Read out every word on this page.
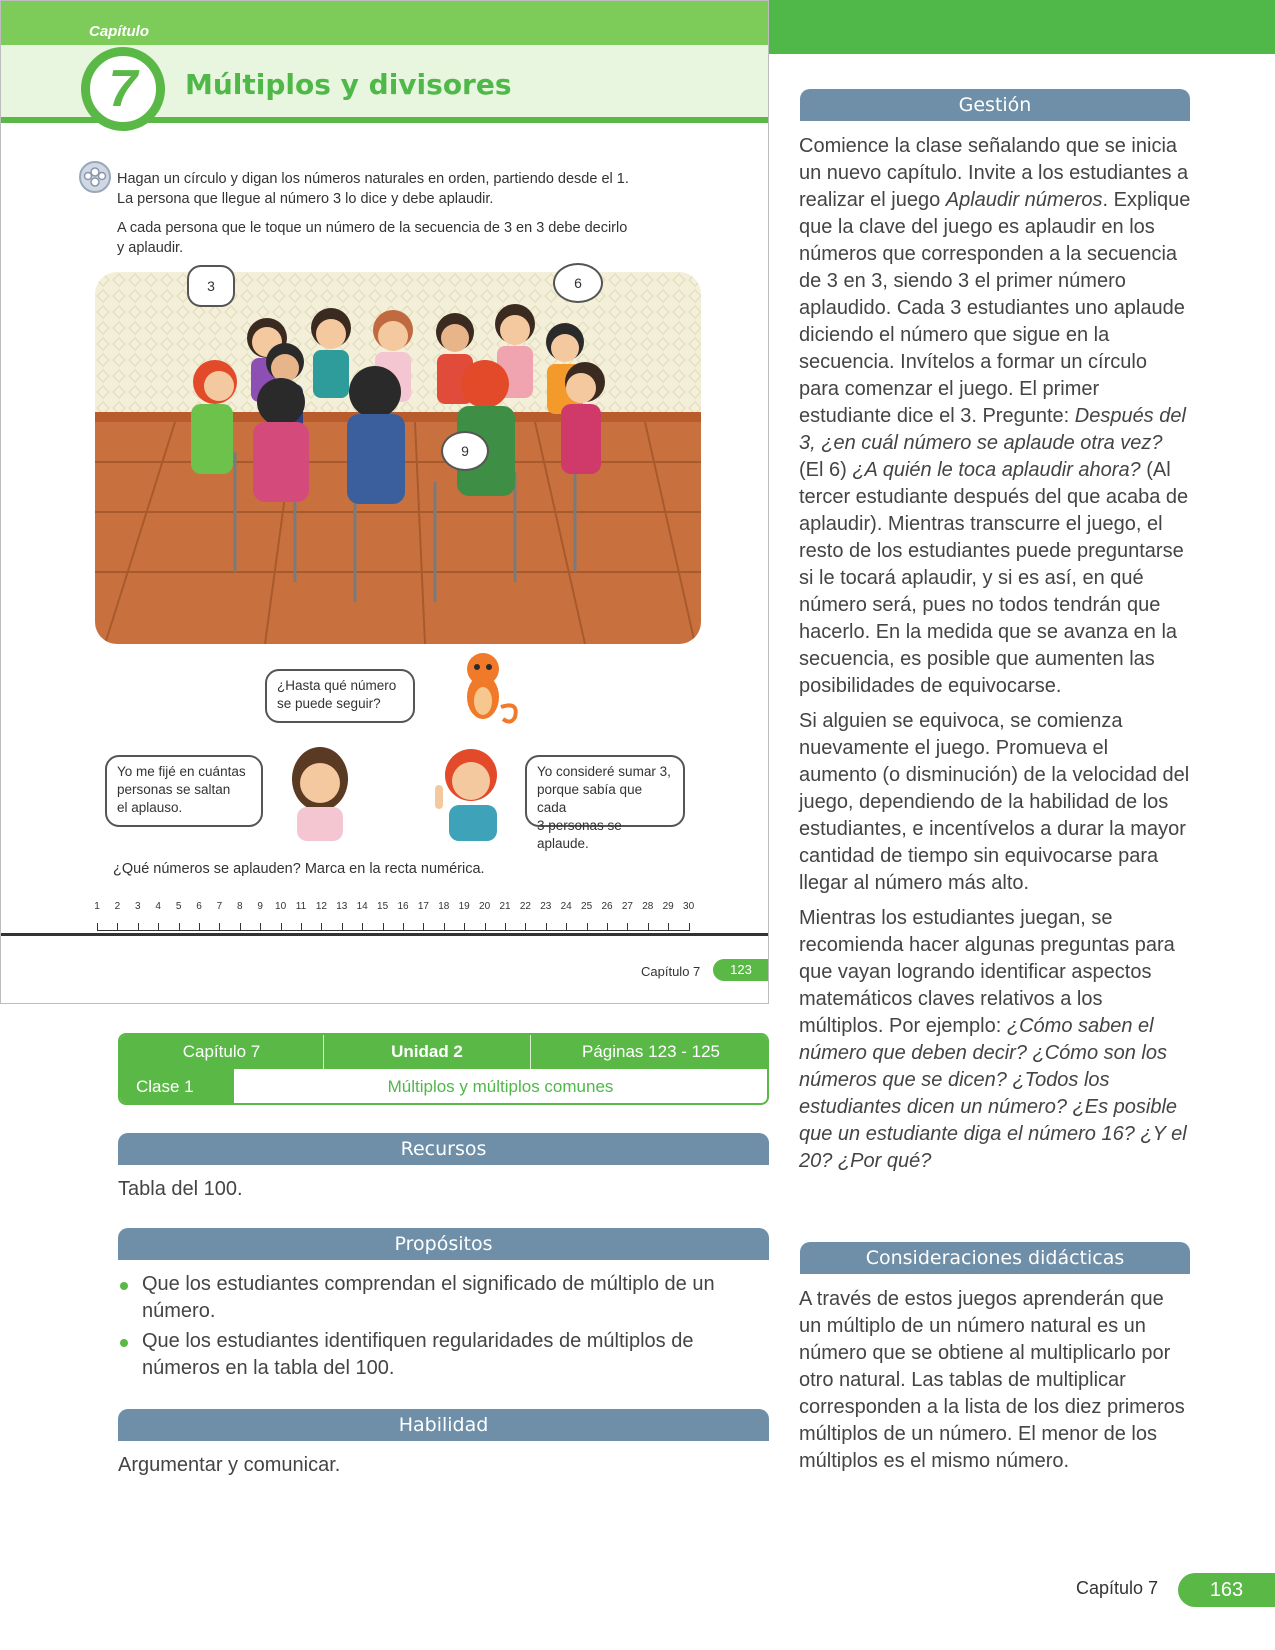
Capítulo
7	Múltiplos y divisores
Hagan un círculo y digan los números naturales en orden, partiendo desde el 1.
La persona que llegue al número 3 lo dice y debe aplaudir.
A cada persona que le toque un número de la secuencia de 3 en 3 debe decirlo
y aplaudir.
3	6
9
¿Hasta qué número
se puede seguir?
Yo me fijé en cuántas
personas se saltan
el aplauso.
Yo consideré sumar 3,
porque sabía que cada
3 personas se aplaude.
¿Qué números se aplauden? Marca en la recta numérica.
1	2	3	4	5	6	7	8	9	10 11 12 13 14 15 16 17 18 19 20 21 22 23 24 25 26 27 28 29 30
Capítulo 7	123
Capítulo 7	Unidad 2	Páginas 123 - 125
Clase 1	Múltiplos y múltiplos comunes
Recursos
Tabla del 100.
Propósitos
Que los estudiantes comprendan el significado de múltiplo de un número.
Que los estudiantes identifiquen regularidades de múltiplos de números en la tabla del 100.
Habilidad
Argumentar y comunicar.
Gestión

Comience la clase señalando que se inicia un nuevo capítulo. Invite a los estudiantes a realizar el juego Aplaudir números. Explique que la clave del juego es aplaudir en los números que corresponden a la secuencia de 3 en 3, siendo 3 el primer número aplaudido. Cada 3 estudiantes uno aplaude diciendo el número que sigue en la secuencia. Invítelos a formar un círculo para comenzar el juego. El primer estudiante dice el 3. Pregunte: Después del 3, ¿en cuál número se aplaude otra vez? (El 6) ¿A quién le toca aplaudir ahora? (Al tercer estudiante después del que acaba de aplaudir). Mientras transcurre el juego, el resto de los estudiantes puede preguntarse si le tocará aplaudir, y si es así, en qué número será, pues no todos tendrán que hacerlo. En la medida que se avanza en la secuencia, es posible que aumenten las posibilidades de equivocarse.

Si alguien se equivoca, se comienza nuevamente el juego. Promueva el aumento (o disminución) de la velocidad del juego, dependiendo de la habilidad de los estudiantes, e incentívelos a durar la mayor cantidad de tiempo sin equivocarse para llegar al número más alto.

Mientras los estudiantes juegan, se recomienda hacer algunas preguntas para que vayan logrando identificar aspectos matemáticos claves relativos a los múltiplos. Por ejemplo: ¿Cómo saben el número que deben decir? ¿Cómo son los números que se dicen? ¿Todos los estudiantes dicen un número? ¿Es posible que un estudiante diga el número 16? ¿Y el 20? ¿Por qué?

Consideraciones didácticas
A través de estos juegos aprenderán que un múltiplo de un número natural es un número que se obtiene al multiplicarlo por otro natural. Las tablas de multiplicar corresponden a la lista de los diez primeros múltiplos de un número. El menor de los múltiplos es el mismo número.
Capítulo 7	163
